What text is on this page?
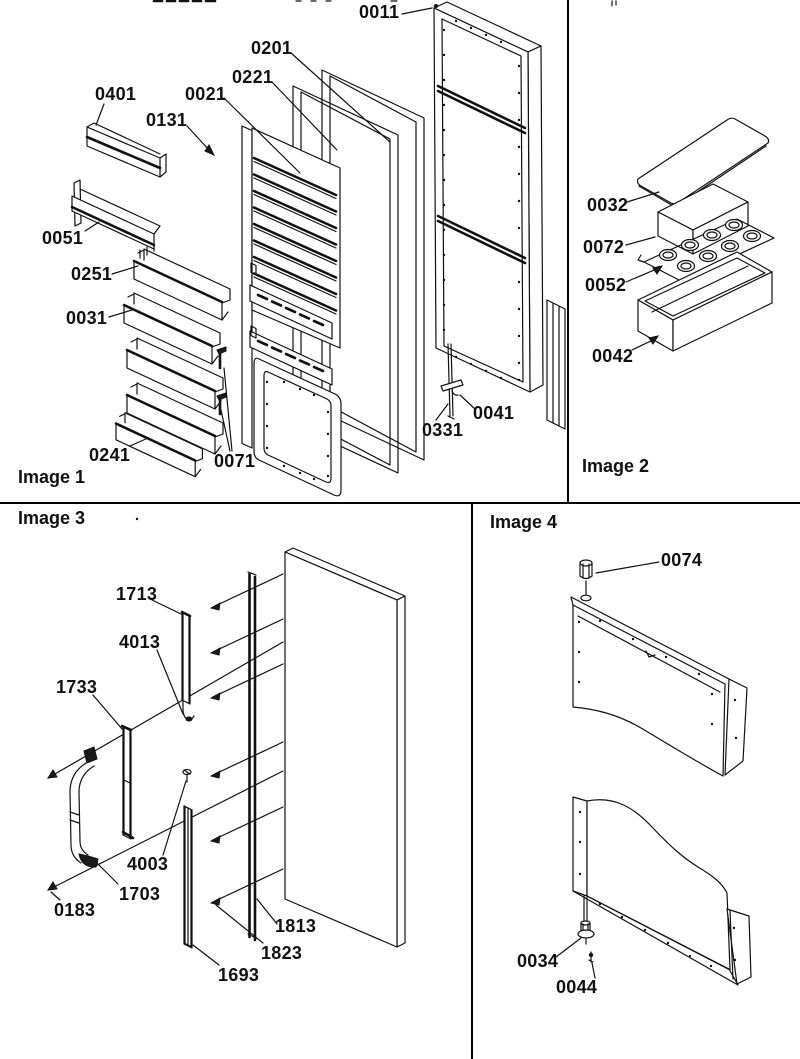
0011
0201
0221
0021
0131
0401
0051
0251
0031
0241	0071
0331
0041
Image 1
0032
0072
0052
0042
Image 2
1713
4013
1733
4003
1703
0183
1813
1823
1693
Image 3
0074
0034
0044
Image 4
